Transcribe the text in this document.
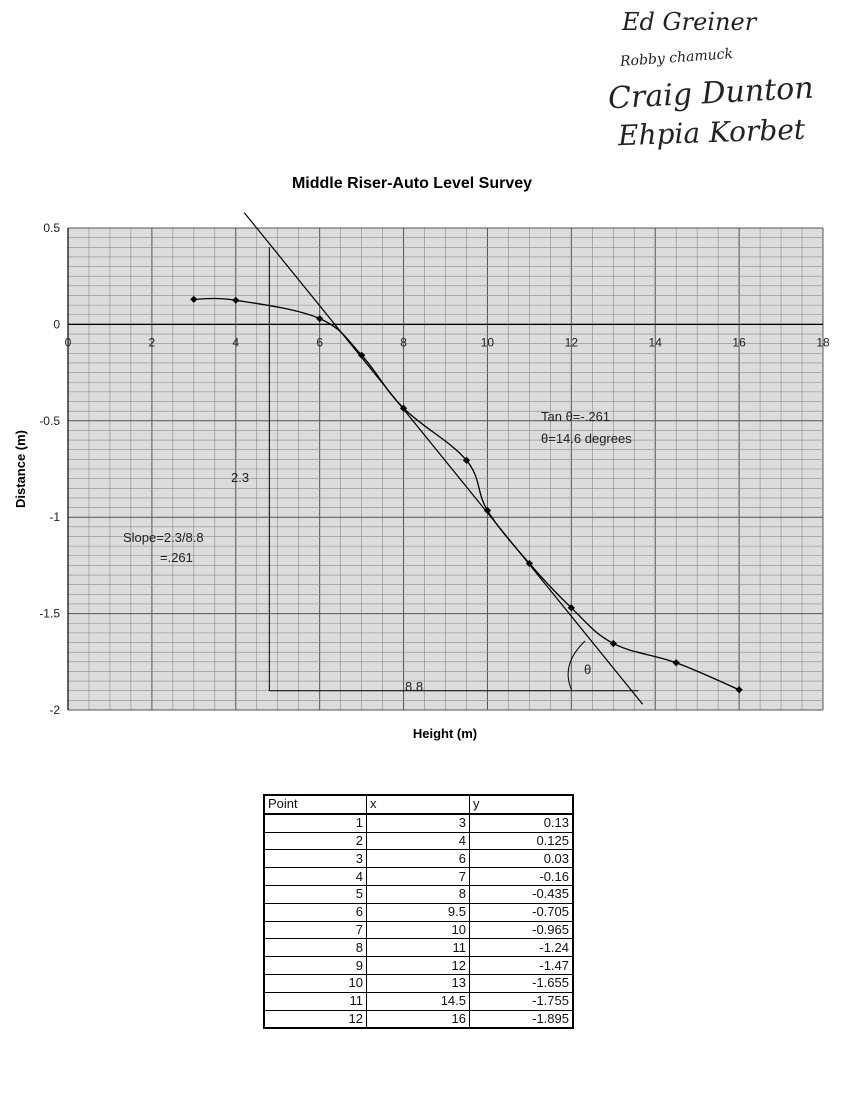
Ed Greiner
Robby chamuck
Craig Dunton
Ehpia Korbet
Middle Riser-Auto Level Survey
0	2	4	6	8	10	12	14	16	18
0.5
0
-0.5
-1
-1.5
-2
Slope=2.3/8.8
=.261
Tan θ=-.261
θ=14.6 degrees
2.3
8.8
θ
Height (m)
Distance (m)
Point	x	y
1	3	0.13
2	4	0.125
3	6	0.03
4	7	-0.16
5	8	-0.435
6	9.5	-0.705
7	10	-0.965
8	11	-1.24
9	12	-1.47
10	13	-1.655
11	14.5	-1.755
12	16	-1.895
